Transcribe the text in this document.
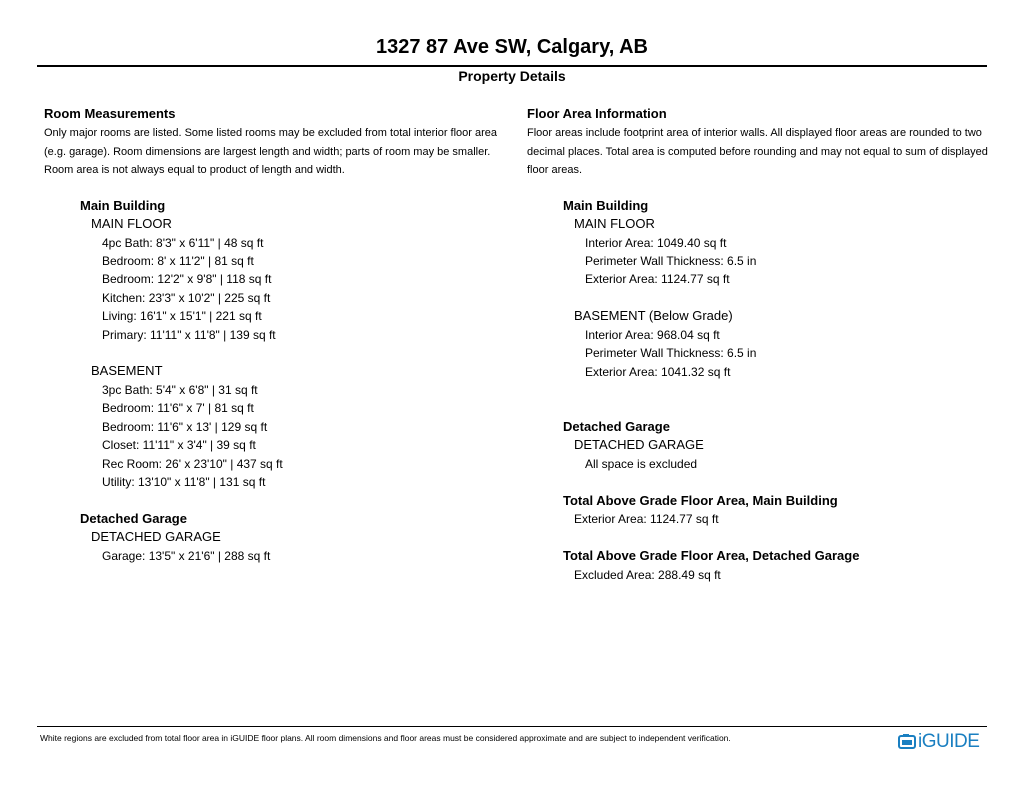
1327 87 Ave SW, Calgary, AB
Property Details
Room Measurements
Only major rooms are listed. Some listed rooms may be excluded from total interior floor area (e.g. garage). Room dimensions are largest length and width; parts of room may be smaller. Room area is not always equal to product of length and width.
Main Building
MAIN FLOOR
4pc Bath: 8'3" x 6'11" | 48 sq ft
Bedroom: 8' x 11'2" | 81 sq ft
Bedroom: 12'2" x 9'8" | 118 sq ft
Kitchen: 23'3" x 10'2" | 225 sq ft
Living: 16'1" x 15'1" | 221 sq ft
Primary: 11'11" x 11'8" | 139 sq ft
BASEMENT
3pc Bath: 5'4" x 6'8" | 31 sq ft
Bedroom: 11'6" x 7' | 81 sq ft
Bedroom: 11'6" x 13' | 129 sq ft
Closet: 11'11" x 3'4" | 39 sq ft
Rec Room: 26' x 23'10" | 437 sq ft
Utility: 13'10" x 11'8" | 131 sq ft
Detached Garage
DETACHED GARAGE
Garage: 13'5" x 21'6" | 288 sq ft
Floor Area Information
Floor areas include footprint area of interior walls. All displayed floor areas are rounded to two decimal places. Total area is computed before rounding and may not equal to sum of displayed floor areas.
Main Building
MAIN FLOOR
Interior Area: 1049.40 sq ft
Perimeter Wall Thickness: 6.5 in
Exterior Area: 1124.77 sq ft
BASEMENT (Below Grade)
Interior Area: 968.04 sq ft
Perimeter Wall Thickness: 6.5 in
Exterior Area: 1041.32 sq ft
Detached Garage
DETACHED GARAGE
All space is excluded
Total Above Grade Floor Area, Main Building
Exterior Area: 1124.77 sq ft
Total Above Grade Floor Area, Detached Garage
Excluded Area: 288.49 sq ft
White regions are excluded from total floor area in iGUIDE floor plans. All room dimensions and floor areas must be considered approximate and are subject to independent verification.	iGUIDE
